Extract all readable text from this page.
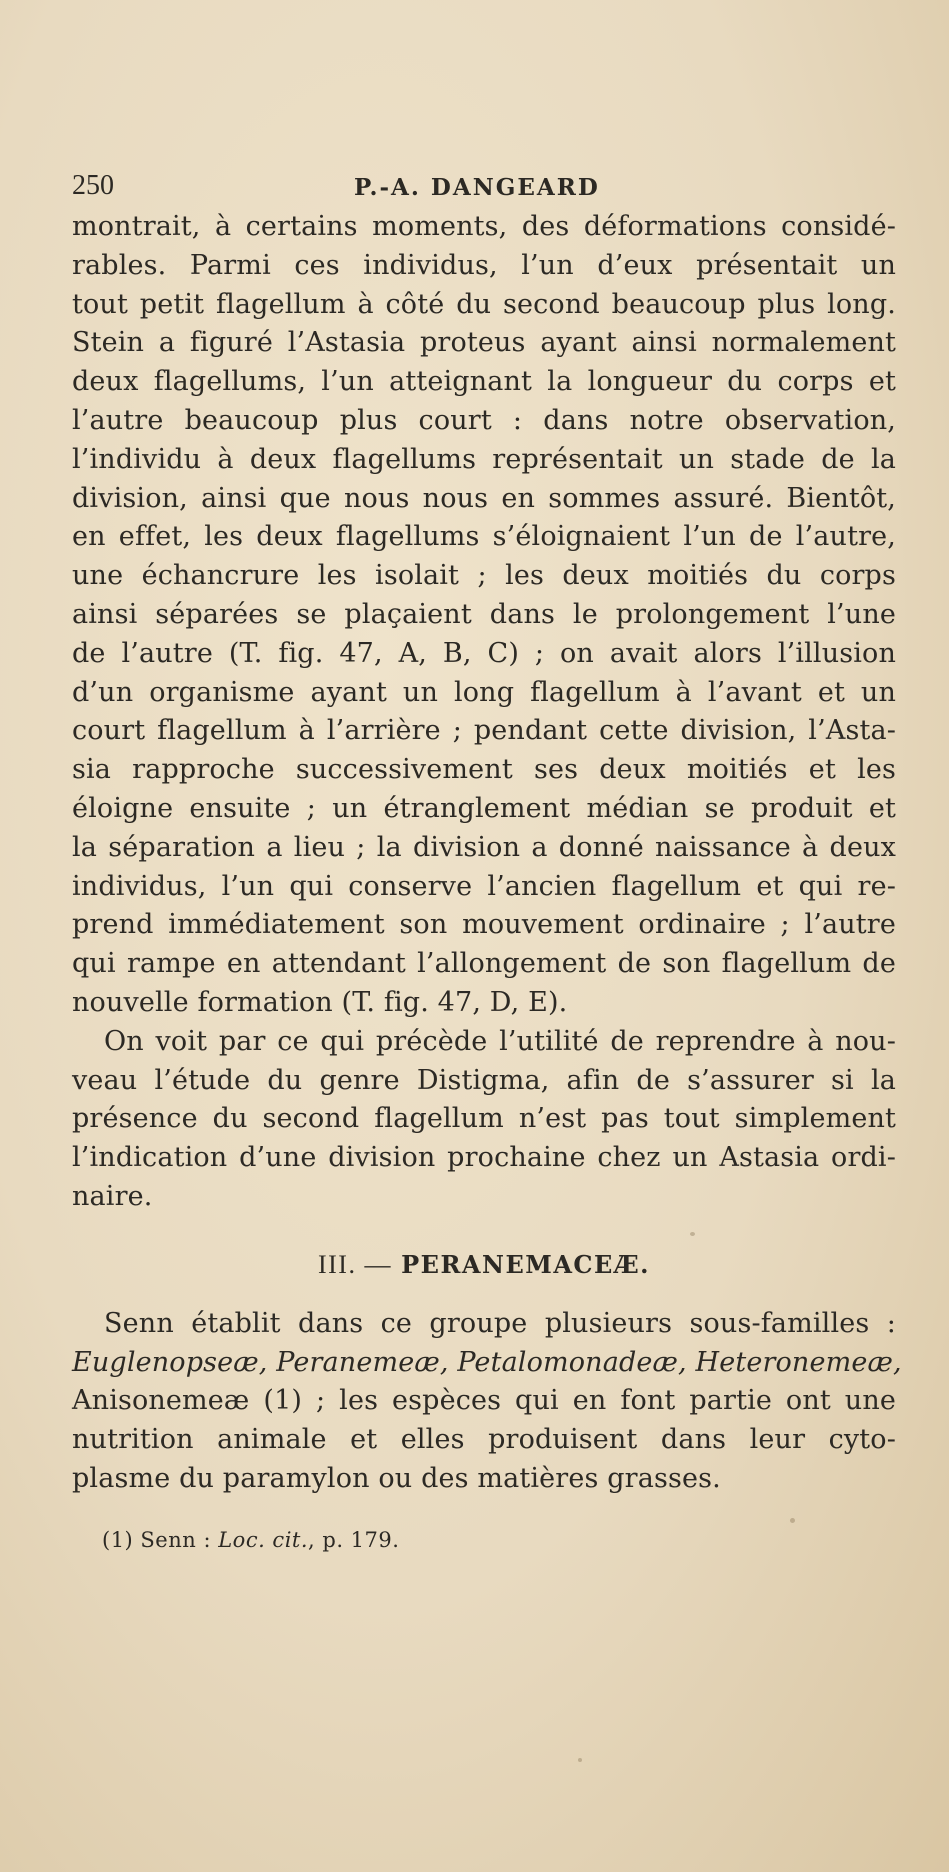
250	P.-A. DANGEARD
montrait, à certains moments, des déformations considé-
rables. Parmi ces individus, l’un d’eux présentait un
tout petit flagellum à côté du second beaucoup plus long.
Stein a figuré l’Astasia proteus ayant ainsi normalement
deux flagellums, l’un atteignant la longueur du corps et
l’autre beaucoup plus court : dans notre observation,
l’individu à deux flagellums représentait un stade de la
division, ainsi que nous nous en sommes assuré. Bientôt,
en effet, les deux flagellums s’éloignaient l’un de l’autre,
une échancrure les isolait ; les deux moitiés du corps
ainsi séparées se plaçaient dans le prolongement l’une
de l’autre (T. fig. 47, A, B, C) ; on avait alors l’illusion
d’un organisme ayant un long flagellum à l’avant et un
court flagellum à l’arrière ; pendant cette division, l’Asta-
sia rapproche successivement ses deux moitiés et les
éloigne ensuite ; un étranglement médian se produit et
la séparation a lieu ; la division a donné naissance à deux
individus, l’un qui conserve l’ancien flagellum et qui re-
prend immédiatement son mouvement ordinaire ; l’autre
qui rampe en attendant l’allongement de son flagellum de
nouvelle formation (T. fig. 47, D, E).
On voit par ce qui précède l’utilité de reprendre à nou-
veau l’étude du genre Distigma, afin de s’assurer si la
présence du second flagellum n’est pas tout simplement
l’indication d’une division prochaine chez un Astasia ordi-
naire.
III. — PERANEMACEÆ.
Senn établit dans ce groupe plusieurs sous-familles :
Euglenopseæ, Peranemeæ, Petalomonadeæ, Heteronemeæ,
Anisonemeæ (1) ; les espèces qui en font partie ont une
nutrition animale et elles produisent dans leur cyto-
plasme du paramylon ou des matières grasses.
(1) Senn : Loc. cit., p. 179.
